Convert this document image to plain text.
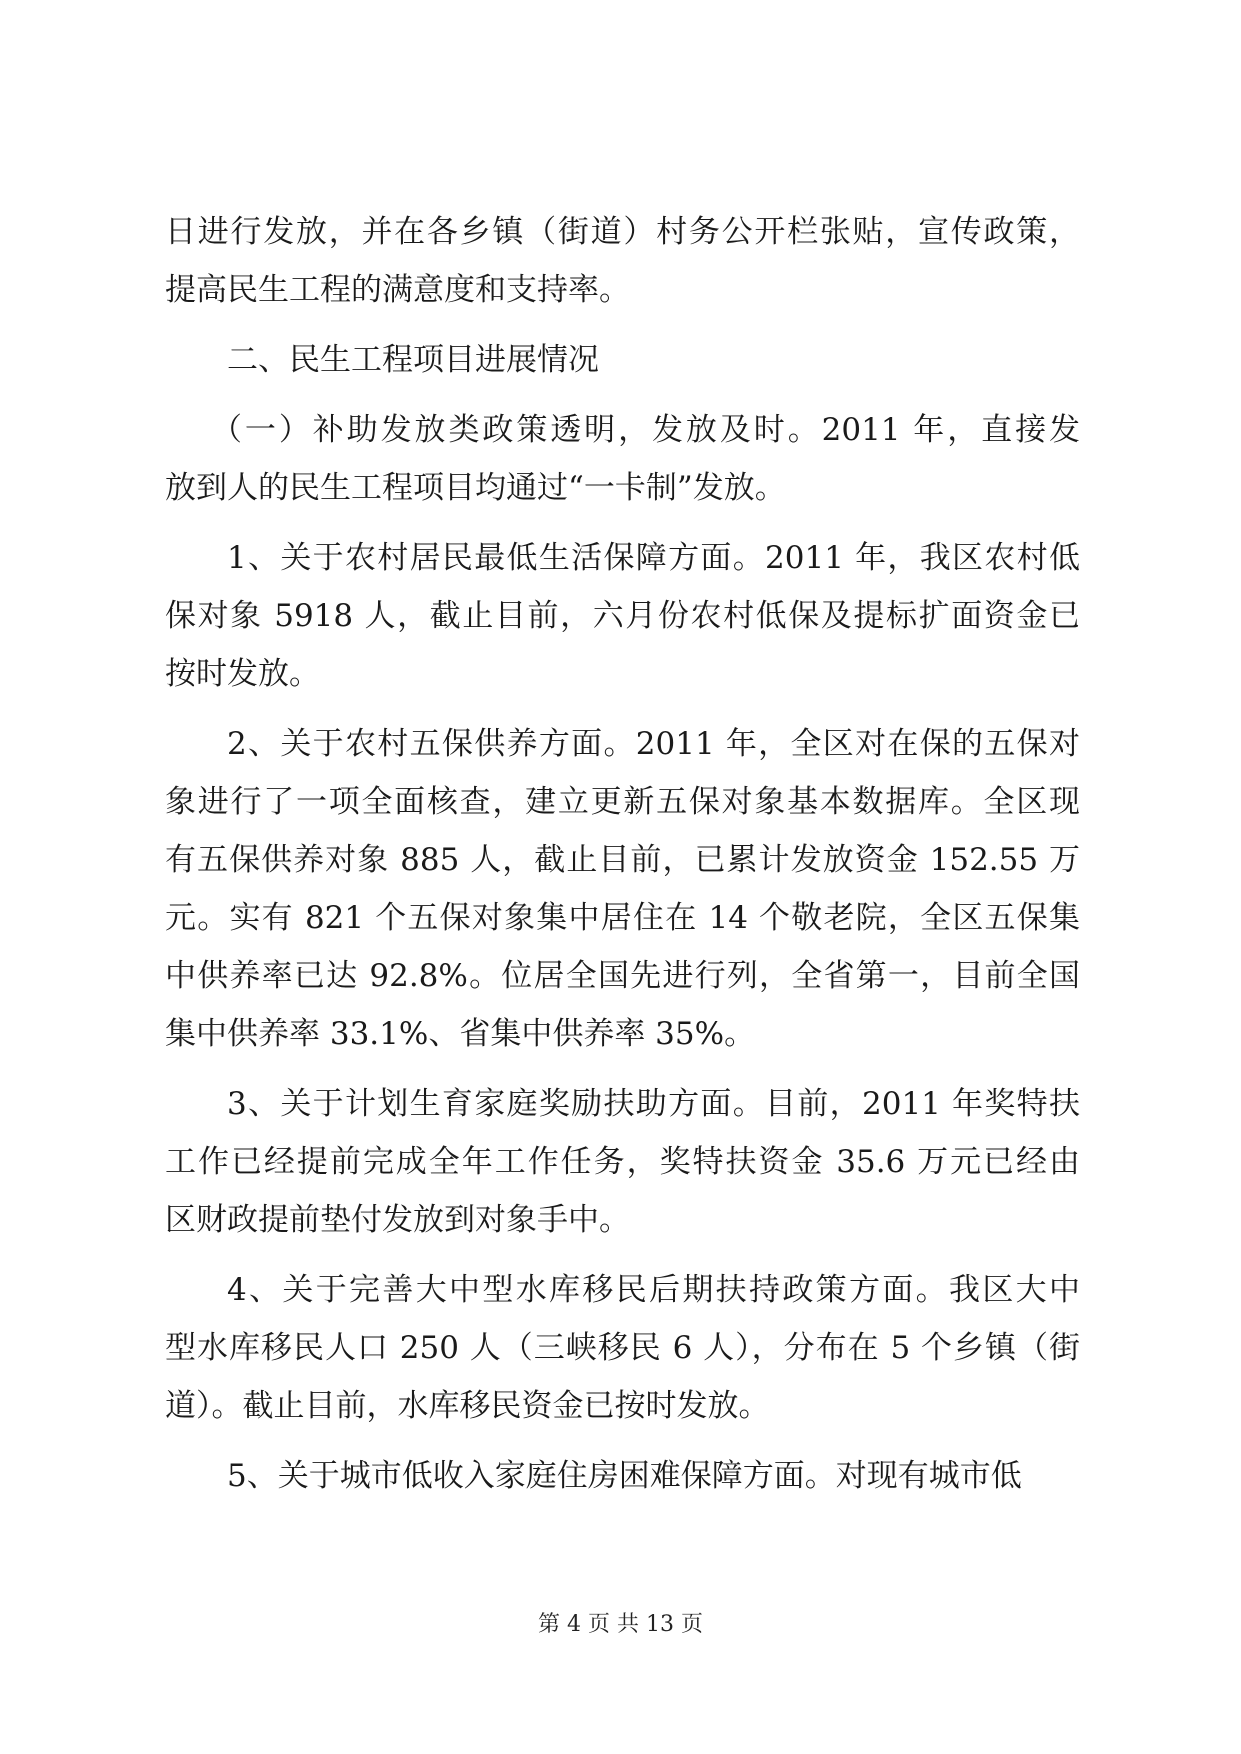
日进行发放，并在各乡镇（街道）村务公开栏张贴，宣传政策，
提高民生工程的满意度和支持率。
二、民生工程项目进展情况
（一）补助发放类政策透明，发放及时。2011 年，直接发
放到人的民生工程项目均通过“一卡制”发放。
1、关于农村居民最低生活保障方面。2011 年，我区农村低
保对象 5918 人，截止目前，六月份农村低保及提标扩面资金已
按时发放。
2、关于农村五保供养方面。2011 年，全区对在保的五保对
象进行了一项全面核查，建立更新五保对象基本数据库。全区现
有五保供养对象 885 人，截止目前，已累计发放资金 152.55 万
元。实有 821 个五保对象集中居住在 14 个敬老院，全区五保集
中供养率已达 92.8%。位居全国先进行列，全省第一，目前全国
集中供养率 33.1%、省集中供养率 35%。
3、关于计划生育家庭奖励扶助方面。目前，2011 年奖特扶
工作已经提前完成全年工作任务，奖特扶资金 35.6 万元已经由
区财政提前垫付发放到对象手中。
4、关于完善大中型水库移民后期扶持政策方面。我区大中
型水库移民人口 250 人（三峡移民 6 人），分布在 5 个乡镇（街
道）。截止目前，水库移民资金已按时发放。
5、关于城市低收入家庭住房困难保障方面。对现有城市低
第 4 页 共 13 页
